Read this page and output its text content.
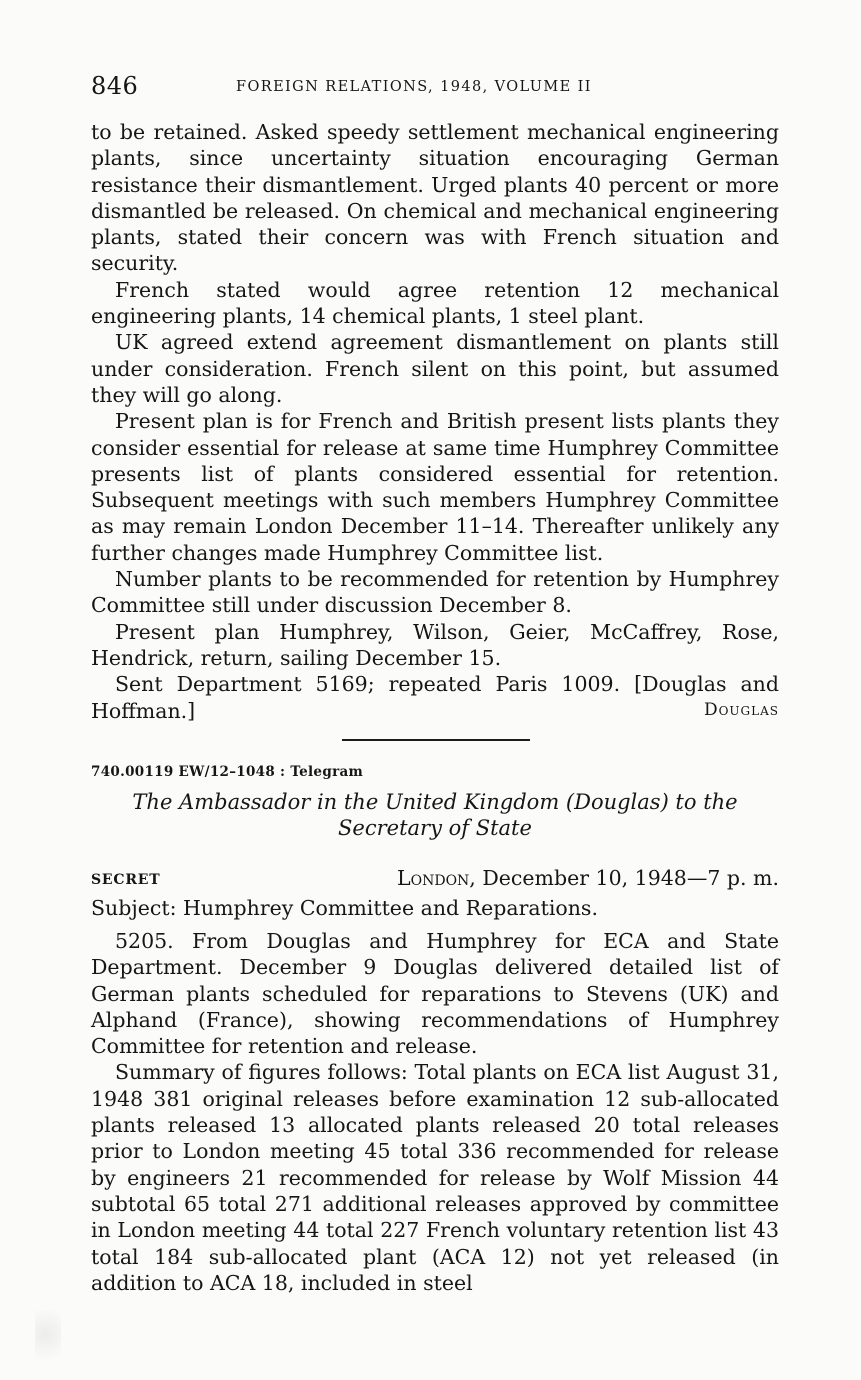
846	FOREIGN RELATIONS, 1948, VOLUME II

to be retained. Asked speedy settlement mechanical engineering plants, since uncertainty situation encouraging German resistance their dismantlement. Urged plants 40 percent or more dismantled be released. On chemical and mechanical engineering plants, stated their concern was with French situation and security.

French stated would agree retention 12 mechanical engineering plants, 14 chemical plants, 1 steel plant.

UK agreed extend agreement dismantlement on plants still under consideration. French silent on this point, but assumed they will go along.

Present plan is for French and British present lists plants they consider essential for release at same time Humphrey Committee presents list of plants considered essential for retention. Subsequent meetings with such members Humphrey Committee as may remain London December 11–14. Thereafter unlikely any further changes made Humphrey Committee list.

Number plants to be recommended for retention by Humphrey Committee still under discussion December 8.

Present plan Humphrey, Wilson, Geier, McCaffrey, Rose, Hendrick, return, sailing December 15.

Sent Department 5169; repeated Paris 1009. [Douglas and Hoffman.]	Douglas
740.00119 EW/12–1048 : Telegram
The Ambassador in the United Kingdom (Douglas) to the Secretary of State
SECRET	London, December 10, 1948—7 p. m.
Subject: Humphrey Committee and Reparations.

5205. From Douglas and Humphrey for ECA and State Department. December 9 Douglas delivered detailed list of German plants scheduled for reparations to Stevens (UK) and Alphand (France), showing recommendations of Humphrey Committee for retention and release.

Summary of figures follows: Total plants on ECA list August 31, 1948 381 original releases before examination 12 sub-allocated plants released 13 allocated plants released 20 total releases prior to London meeting 45 total 336 recommended for release by engineers 21 recommended for release by Wolf Mission 44 subtotal 65 total 271 additional releases approved by committee in London meeting 44 total 227 French voluntary retention list 43 total 184 sub-allocated plant (ACA 12) not yet released (in addition to ACA 18, included in steel
